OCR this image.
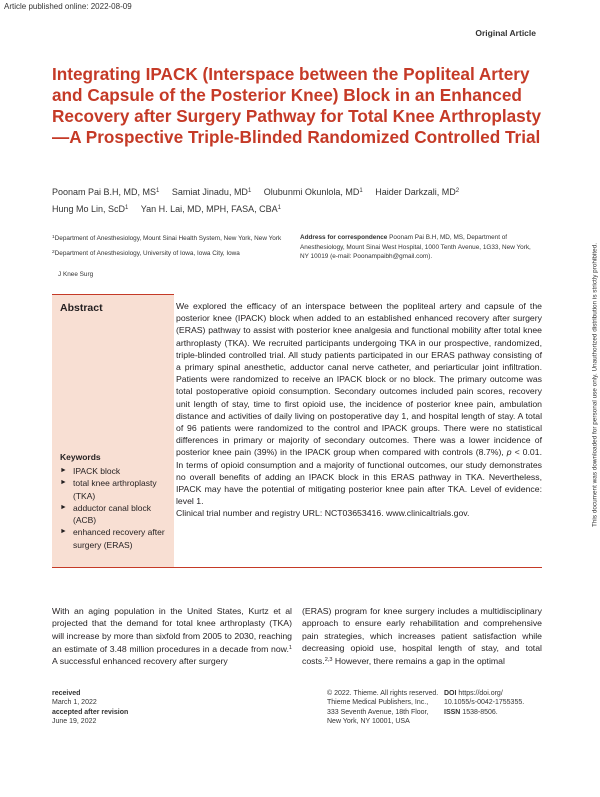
Article published online: 2022-08-09
Original Article
Integrating IPACK (Interspace between the Popliteal Artery and Capsule of the Posterior Knee) Block in an Enhanced Recovery after Surgery Pathway for Total Knee Arthroplasty—A Prospective Triple-Blinded Randomized Controlled Trial
Poonam Pai B.H, MD, $MS^1$ Samiat Jinadu, $MD^1$ Olubunmi Okunlola, $MD^1$ Haider Darkzali, $MD^2$
Hung Mo Lin, ScD$^1$ Yan H. Lai, MD, MPH, FASA, CBA$^1$
$^1$Department of Anesthesiology, Mount Sinai Health System, New York, New York
$^2$Department of Anesthesiology, University of Iowa, Iowa City, Iowa
J Knee Surg
Address for correspondence Poonam Pai B.H, MD, MS, Department of Anesthesiology, Mount Sinai West Hospital, 1000 Tenth Avenue, 1G33, New York, NY 10019 (e-mail: Poonampaibh@gmail.com).
Abstract
Keywords
► IPACK block
► total knee arthroplasty (TKA)
► adductor canal block (ACB)
► enhanced recovery after surgery (ERAS)

We explored the efficacy of an interspace between the popliteal artery and capsule of the posterior knee (IPACK) block when added to an established enhanced recovery after surgery (ERAS) pathway to assist with posterior knee analgesia and functional mobility after total knee arthroplasty (TKA). We recruited participants undergoing TKA in our prospective, randomized, triple-blinded controlled trial. All study patients participated in our ERAS pathway consisting of a primary spinal anesthetic, adductor canal nerve catheter, and periarticular joint infiltration. Patients were randomized to receive an IPACK block or no block. The primary outcome was total postoperative opioid consumption. Secondary outcomes included pain scores, recovery unit length of stay, time to first opioid use, the incidence of posterior knee pain, ambulation distance and activities of daily living on postoperative day 1, and hospital length of stay. A total of 96 patients were randomized to the control and IPACK groups. There were no statistical differences in primary or majority of secondary outcomes. There was a lower incidence of posterior knee pain (39%) in the IPACK group when compared with controls (8.7%), p < 0.01. In terms of opioid consumption and a majority of functional outcomes, our study demonstrates no overall benefits of adding an IPACK block in this ERAS pathway in TKA. Nevertheless, IPACK may have the potential of mitigating posterior knee pain after TKA. Level of evidence: level 1.

Clinical trial number and registry URL: NCT03653416. www.clinicaltrials.gov.	This document was downloaded for personal use only. Unauthorized distribution is strictly prohibited.
With an aging population in the United States, Kurtz et al projected that the demand for total knee arthroplasty (TKA) will increase by more than sixfold from 2005 to 2030, reaching an estimate of 3.48 million procedures in a decade from now.$^1$ A successful enhanced recovery after surgery
(ERAS) program for knee surgery includes a multidisciplinary approach to ensure early rehabilitation and comprehensive pain strategies, which increases patient satisfaction while decreasing opioid use, hospital length of stay, and total costs.$^{2,3}$ However, there remains a gap in the optimal
received
March 1, 2022
accepted after revision
June 19, 2022
© 2022. Thieme. All rights reserved.
Thieme Medical Publishers, Inc.,
333 Seventh Avenue, 18th Floor,
New York, NY 10001, USA
DOI https://doi.org/
10.1055/s-0042-1755355.
ISSN 1538-8506.
